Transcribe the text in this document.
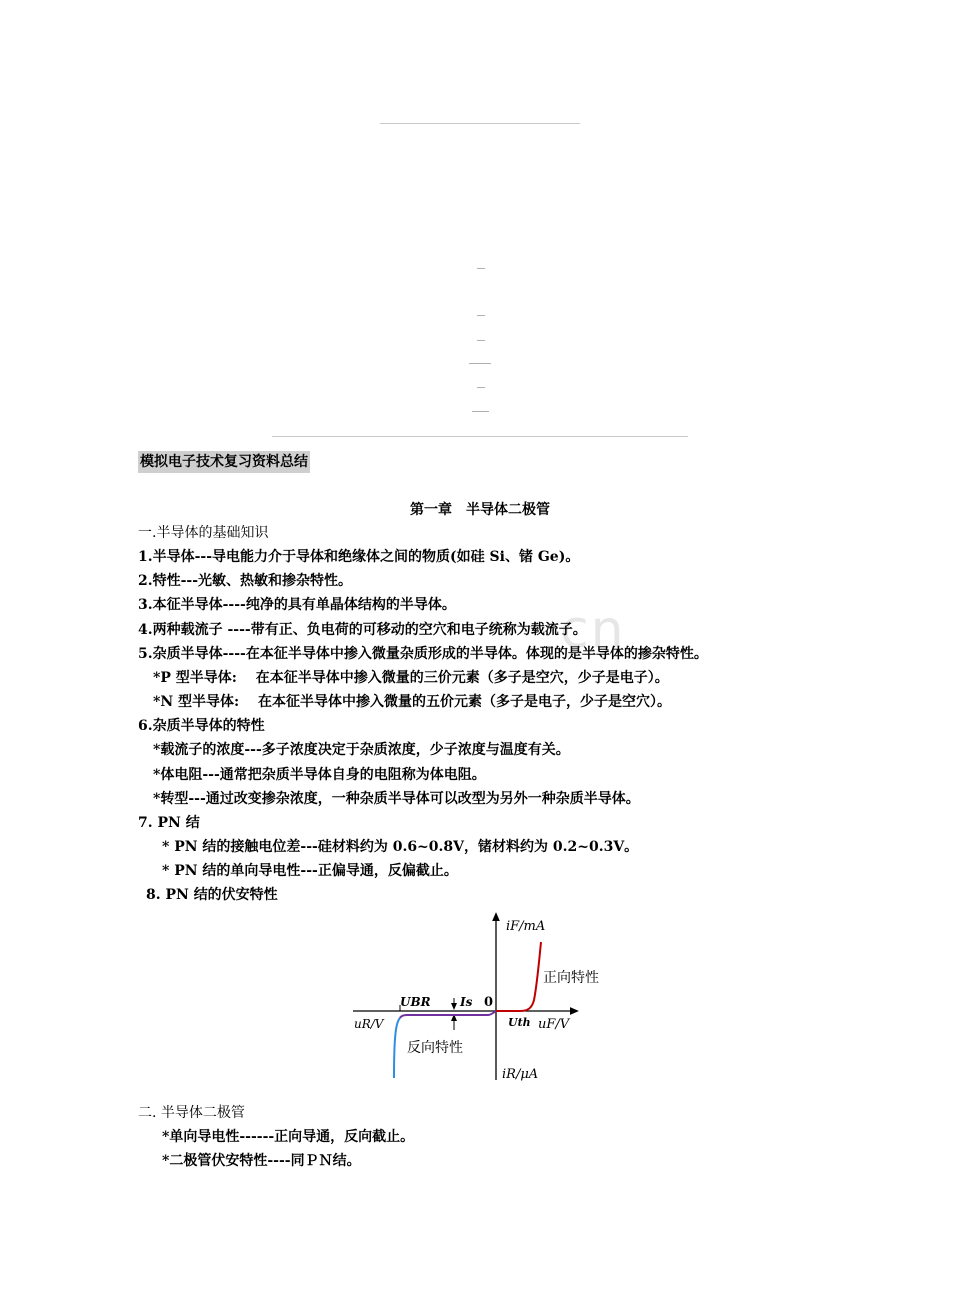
cn
模拟电子技术复习资料总结
第一章　半导体二极管
一.半导体的基础知识
1.半导体---导电能力介于导体和绝缘体之间的物质(如硅 Si、锗 Ge)。
2.特性---光敏、热敏和掺杂特性。
3.本征半导体----纯净的具有单晶体结构的半导体。
4.两种载流子 ----带有正、负电荷的可移动的空穴和电子统称为载流子。
5.杂质半导体----在本征半导体中掺入微量杂质形成的半导体。体现的是半导体的掺杂特性。
*P 型半导体:　 在本征半导体中掺入微量的三价元素（多子是空穴，少子是电子）。
*N 型半导体:　 在本征半导体中掺入微量的五价元素（多子是电子，少子是空穴）。
6.杂质半导体的特性
*载流子的浓度---多子浓度决定于杂质浓度，少子浓度与温度有关。
*体电阻---通常把杂质半导体自身的电阻称为体电阻。
*转型---通过改变掺杂浓度，一种杂质半导体可以改型为另外一种杂质半导体。
7. PN 结
* PN 结的接触电位差---硅材料约为 0.6~0.8V，锗材料约为 0.2~0.3V。
* PN 结的单向导电性---正偏导通，反偏截止。
8. PN 结的伏安特性
iF/mA
iR/μA
uF/V
uR/V
0
UBR Is
Uth
正向特性
反向特性
二. 半导体二极管
*单向导电性------正向导通，反向截止。
*二极管伏安特性----同ＰＮ结。
